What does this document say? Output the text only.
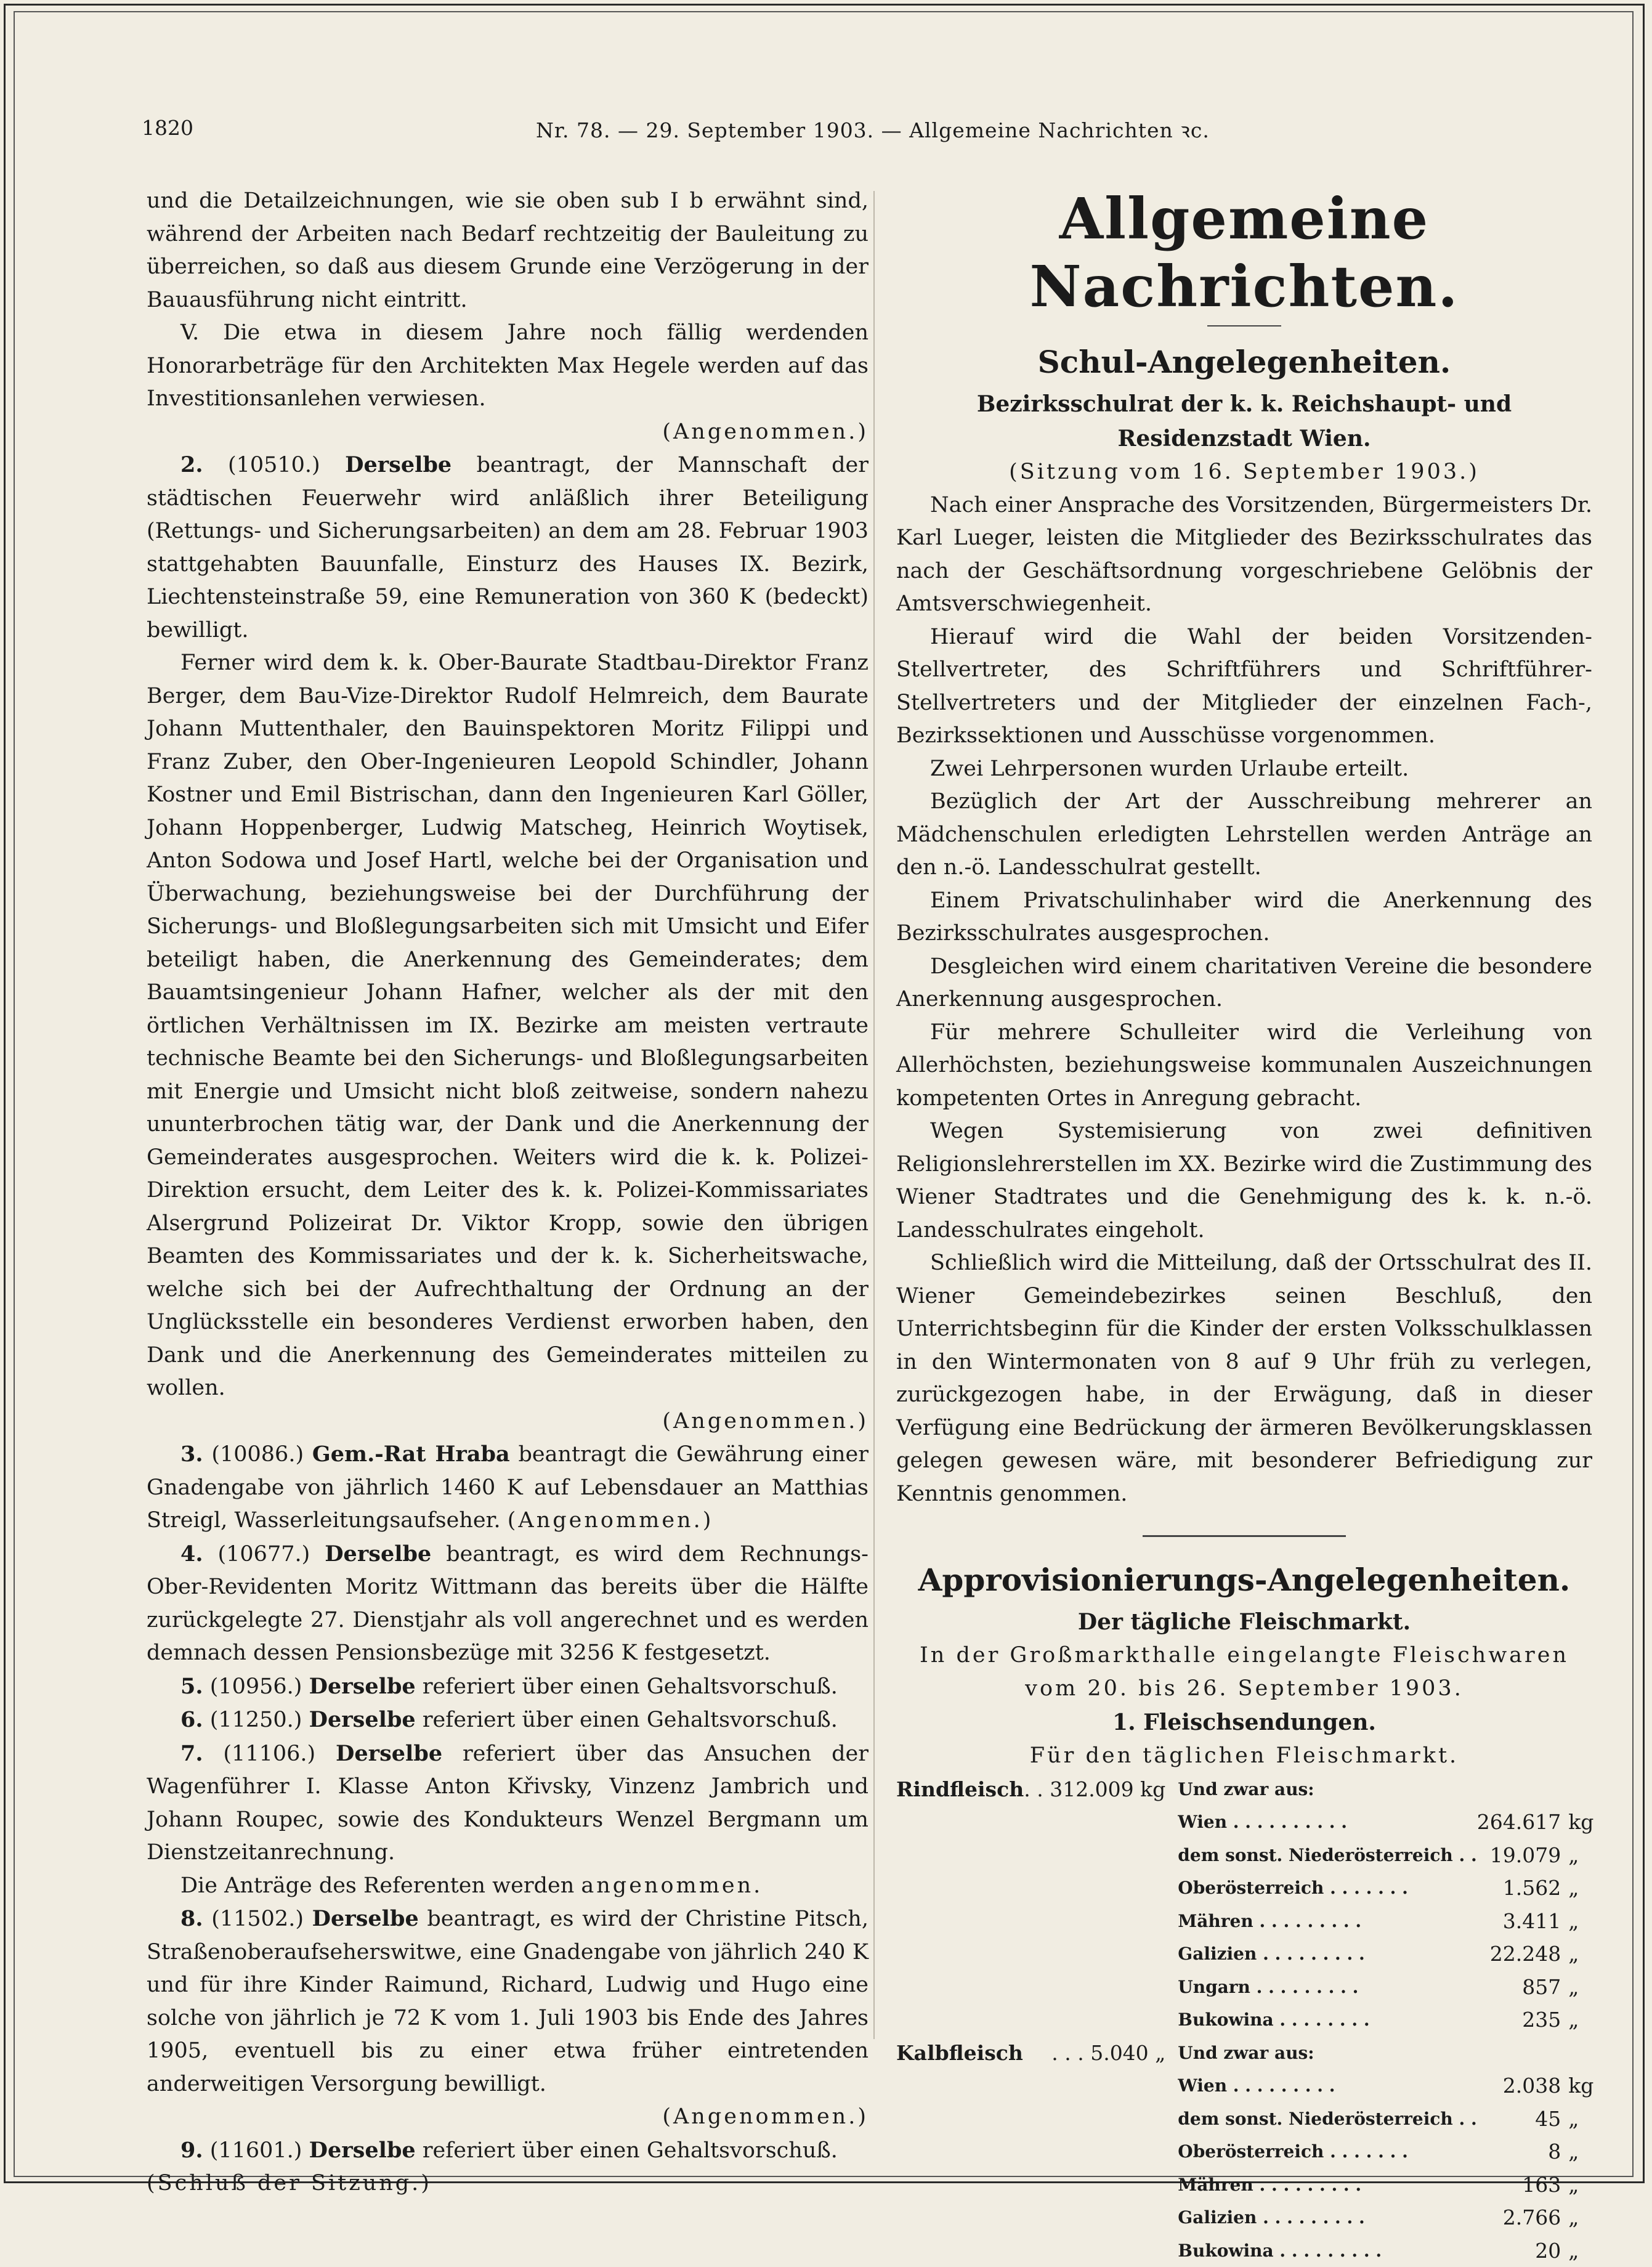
1820	Nr. 78. — 29. September 1903. — Allgemeine Nachrichten ꝛc.

und die Detailzeichnungen, wie sie oben sub I b erwähnt sind, während der Arbeiten nach Bedarf rechtzeitig der Bauleitung zu überreichen, so daß aus diesem Grunde eine Verzögerung in der Bauausführung nicht eintritt.

V. Die etwa in diesem Jahre noch fällig werdenden Honorarbeträge für den Architekten Max Hegele werden auf das Investitionsanlehen verwiesen.

(Angenommen.)

2. (10510.) Derselbe beantragt, der Mannschaft der städtischen Feuerwehr wird anläßlich ihrer Beteiligung (Rettungs- und Sicherungsarbeiten) an dem am 28. Februar 1903 stattgehabten Bauunfalle, Einsturz des Hauses IX. Bezirk, Liechtensteinstraße 59, eine Remuneration von 360 K (bedeckt) bewilligt.

Ferner wird dem k. k. Ober-Baurate Stadtbau-Direktor Franz Berger, dem Bau-Vize-Direktor Rudolf Helmreich, dem Baurate Johann Muttenthaler, den Bauinspektoren Moritz Filippi und Franz Zuber, den Ober-Ingenieuren Leopold Schindler, Johann Kostner und Emil Bistrischan, dann den Ingenieuren Karl Göller, Johann Hoppenberger, Ludwig Matscheg, Heinrich Woytisek, Anton Sodowa und Josef Hartl, welche bei der Organisation und Überwachung, beziehungsweise bei der Durchführung der Sicherungs- und Bloßlegungsarbeiten sich mit Umsicht und Eifer beteiligt haben, die Anerkennung des Gemeinderates; dem Bauamtsingenieur Johann Hafner, welcher als der mit den örtlichen Verhältnissen im IX. Bezirke am meisten vertraute technische Beamte bei den Sicherungs- und Bloßlegungsarbeiten mit Energie und Umsicht nicht bloß zeitweise, sondern nahezu ununterbrochen tätig war, der Dank und die Anerkennung der Gemeinderates ausgesprochen. Weiters wird die k. k. Polizei-Direktion ersucht, dem Leiter des k. k. Polizei-Kommissariates Alsergrund Polizeirat Dr. Viktor Kropp, sowie den übrigen Beamten des Kommissariates und der k. k. Sicherheitswache, welche sich bei der Aufrechthaltung der Ordnung an der Unglücksstelle ein besonderes Verdienst erworben haben, den Dank und die Anerkennung des Gemeinderates mitteilen zu wollen.

(Angenommen.)

3. (10086.) Gem.-Rat Hraba beantragt die Gewährung einer Gnadengabe von jährlich 1460 K auf Lebensdauer an Matthias Streigl, Wasserleitungsaufseher. (Angenommen.)

4. (10677.) Derselbe beantragt, es wird dem Rechnungs-Ober-Revidenten Moritz Wittmann das bereits über die Hälfte zurückgelegte 27. Dienstjahr als voll angerechnet und es werden demnach dessen Pensionsbezüge mit 3256 K festgesetzt.

5. (10956.) Derselbe referiert über einen Gehaltsvorschuß.

6. (11250.) Derselbe referiert über einen Gehaltsvorschuß.

7. (11106.) Derselbe referiert über das Ansuchen der Wagenführer I. Klasse Anton Křivsky, Vinzenz Jambrich und Johann Roupec, sowie des Kondukteurs Wenzel Bergmann um Dienstzeitanrechnung.

Die Anträge des Referenten werden angenommen.

8. (11502.) Derselbe beantragt, es wird der Christine Pitsch, Straßenoberaufseherswitwe, eine Gnadengabe von jährlich 240 K und für ihre Kinder Raimund, Richard, Ludwig und Hugo eine solche von jährlich je 72 K vom 1. Juli 1903 bis Ende des Jahres 1905, eventuell bis zu einer etwa früher eintretenden anderweitigen Versorgung bewilligt.

(Angenommen.)

9. (11601.) Derselbe referiert über einen Gehaltsvorschuß.

(Schluß der Sitzung.)

Allgemeine Nachrichten.
Schul-Angelegenheiten.
Bezirksschulrat der k. k. Reichshaupt- und Residenzstadt Wien.

(Sitzung vom 16. September 1903.)

Nach einer Ansprache des Vorsitzenden, Bürgermeisters Dr. Karl Lueger, leisten die Mitglieder des Bezirksschulrates das nach der Geschäftsordnung vorgeschriebene Gelöbnis der Amtsverschwiegenheit.

Hierauf wird die Wahl der beiden Vorsitzenden-Stellvertreter, des Schriftführers und Schriftführer-Stellvertreters und der Mitglieder der einzelnen Fach-, Bezirkssektionen und Ausschüsse vorgenommen.

Zwei Lehrpersonen wurden Urlaube erteilt.

Bezüglich der Art der Ausschreibung mehrerer an Mädchenschulen erledigten Lehrstellen werden Anträge an den n.-ö. Landesschulrat gestellt.

Einem Privatschulinhaber wird die Anerkennung des Bezirksschulrates ausgesprochen.

Desgleichen wird einem charitativen Vereine die besondere Anerkennung ausgesprochen.

Für mehrere Schulleiter wird die Verleihung von Allerhöchsten, beziehungsweise kommunalen Auszeichnungen kompetenten Ortes in Anregung gebracht.

Wegen Systemisierung von zwei definitiven Religionslehrerstellen im XX. Bezirke wird die Zustimmung des Wiener Stadtrates und die Genehmigung des k. k. n.-ö. Landesschulrates eingeholt.

Schließlich wird die Mitteilung, daß der Ortsschulrat des II. Wiener Gemeindebezirkes seinen Beschluß, den Unterrichtsbeginn für die Kinder der ersten Volksschulklassen in den Wintermonaten von 8 auf 9 Uhr früh zu verlegen, zurückgezogen habe, in der Erwägung, daß in dieser Verfügung eine Bedrückung der ärmeren Bevölkerungsklassen gelegen gewesen wäre, mit besonderer Befriedigung zur Kenntnis genommen.

Approvisionierungs-Angelegenheiten.
Der tägliche Fleischmarkt.

In der Großmarkthalle eingelangte Fleischwaren

vom 20. bis 26. September 1903.

1. Fleischsendungen.

Für den täglichen Fleischmarkt.

Rindfleisch	. . 312.009 kg	Und zwar aus:		
		Wien . . . . . . . . . .	264.617	kg
		dem sonst. Niederösterreich . .	19.079	„
		Oberösterreich . . . . . . .	1.562	„
		Mähren . . . . . . . . .	3.411	„
		Galizien . . . . . . . . .	22.248	„
		Ungarn . . . . . . . . .	857	„
		Bukowina . . . . . . . .	235	„
Kalbfleisch	. . . 5.040 „	Und zwar aus:		
		Wien . . . . . . . . .	2.038	kg
		dem sonst. Niederösterreich . .	45	„
		Oberösterreich . . . . . . .	8	„
		Mähren . . . . . . . . .	163	„
		Galizien . . . . . . . . .	2.766	„
		Bukowina . . . . . . . . .	20	„
